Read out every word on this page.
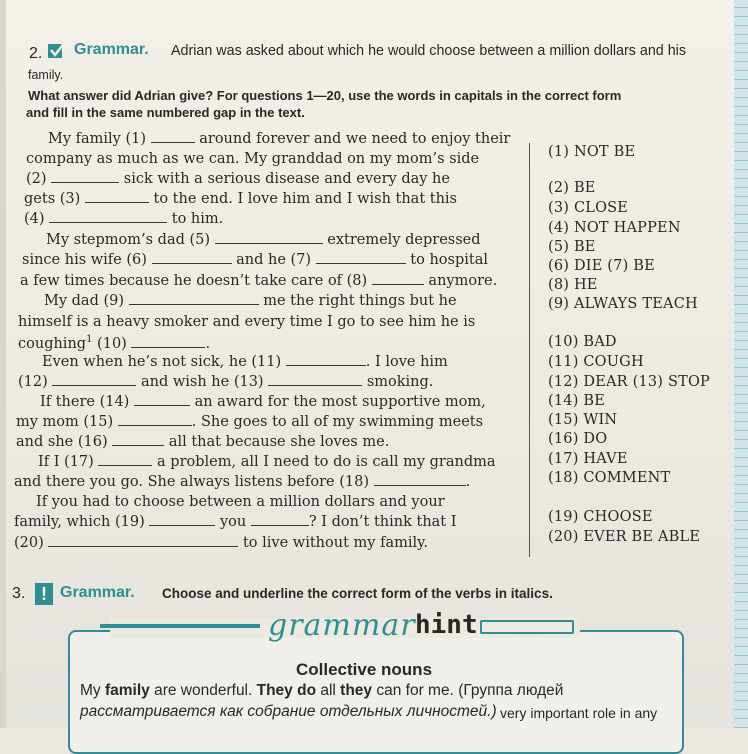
2. Grammar. Adrian was asked about which he would choose between a million dollars and his
family.
What answer did Adrian give? For questions 1—20, use the words in capitals in the correct form
and fill in the same numbered gap in the text.
My family (1)	around forever and we need to enjoy their
company as much as we can. My granddad on my mom’s side
(2)	sick with a serious disease and every day he
gets (3)	to the end. I love him and I wish that this
(4)	to him.
My stepmom’s dad (5)	extremely depressed
since his wife (6)	and he (7)	to hospital
a few times because he doesn’t take care of (8)	anymore.
My dad (9)	me the right things but he
himself is a heavy smoker and every time I go to see him he is
coughing$^1$ (10)	.
Even when he’s not sick, he (11)	. I love him
(12)	and wish he (13)	smoking.
If there (14)	an award for the most supportive mom,
my mom (15)	. She goes to all of my swimming meets
and she (16)	all that because she loves me.
If I (17)	a problem, all I need to do is call my grandma
and there you go. She always listens before (18)	.
If you had to choose between a million dollars and your
family, which (19)	you	? I don’t think that I
(20)	to live without my family.
(1) NOT BE
(2) BE
(3) CLOSE
(4) NOT HAPPEN
(5) BE
(6) DIE (7) BE
(8) HE
(9) ALWAYS TEACH
(10) BAD
(11) COUGH
(12) DEAR (13) STOP
(14) BE
(15) WIN
(16) DO
(17) HAVE
(18) COMMENT
(19) CHOOSE
(20) EVER BE ABLE
3. ! Grammar. Choose and underline the correct form of the verbs in italics.
grammar hint
Collective nouns
My family are wonderful. They do all they can for me. (Группа людей
рассматривается как собрание отдельных личностей.) very important role in any
